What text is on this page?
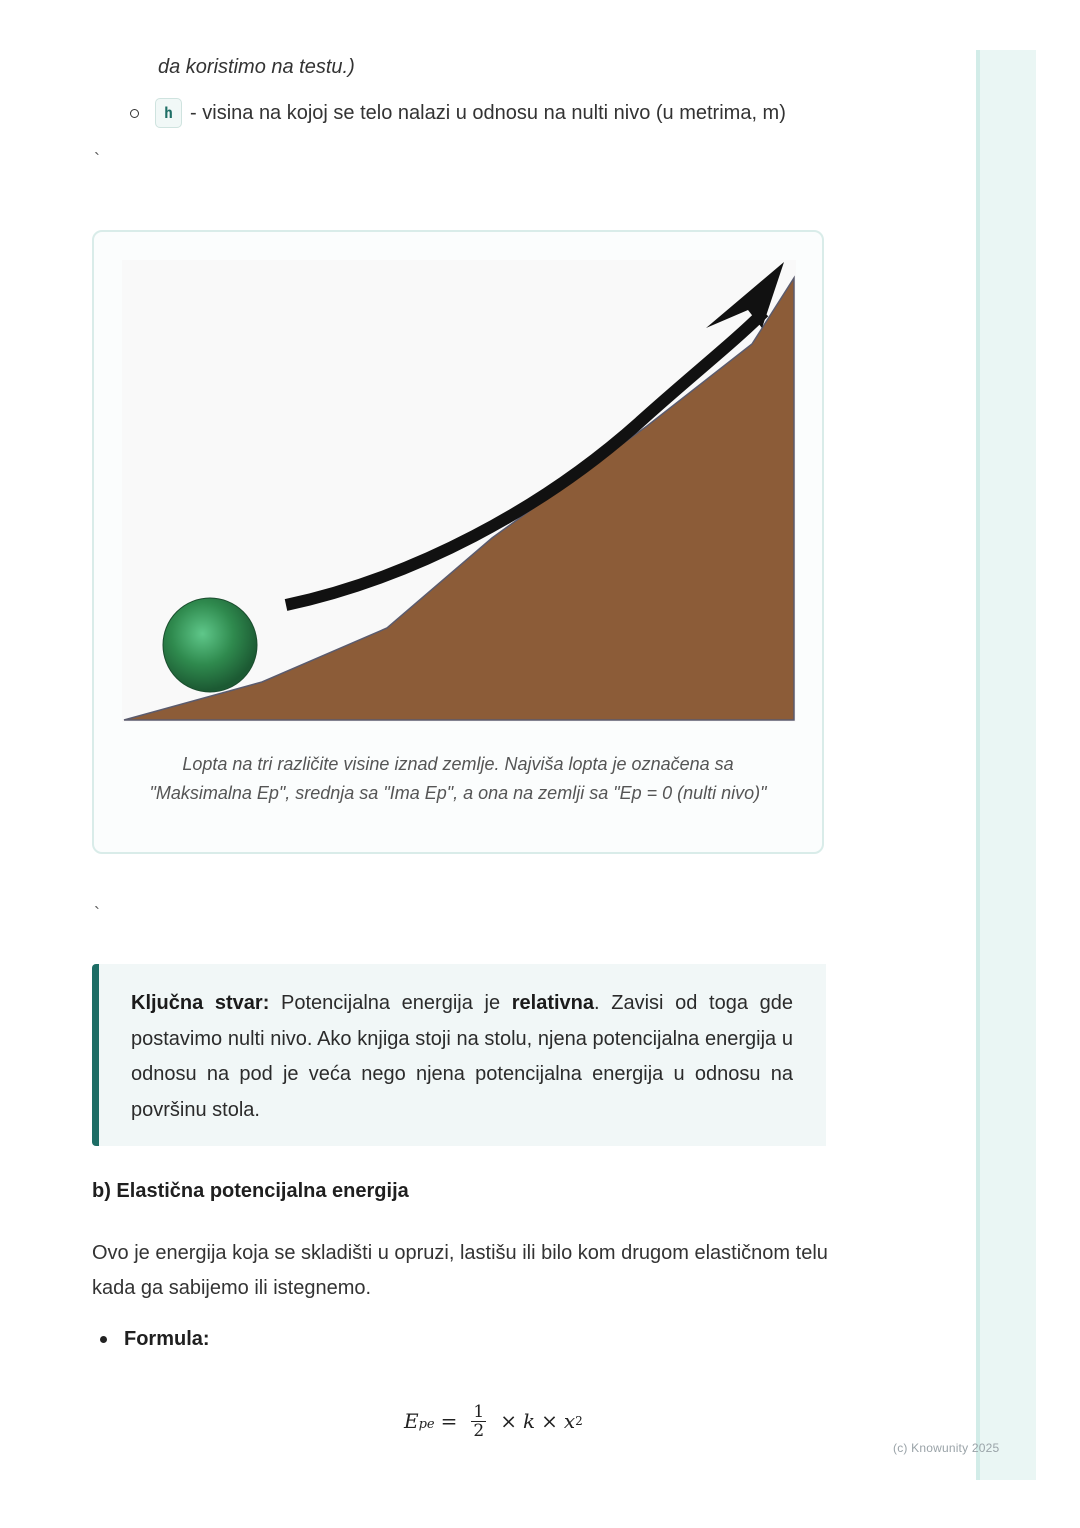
da koristimo na testu.)
h - visina na kojoj se telo nalazi u odnosu na nulti nivo (u metrima, m)
`
Lopta na tri različite visine iznad zemlje. Najviša lopta je označena sa
"Maksimalna Ep", srednja sa "Ima Ep", a ona na zemlji sa "Ep = 0 (nulti nivo)"
`
Ključna stvar: Potencijalna energija je relativna. Zavisi od toga gde postavimo nulti nivo. Ako knjiga stoji na stolu, njena potencijalna energija u odnosu na pod je veća nego njena potencijalna energija u odnosu na površinu stola.
b) Elastična potencijalna energija
Ovo je energija koja se skladišti u opruzi, lastišu ili bilo kom drugom elastičnom telu kada ga sabijemo ili istegnemo.
Formula:
$E_{pe} = \frac{1}{2} \times k \times x$ 2
(c) Knowunity 2025
